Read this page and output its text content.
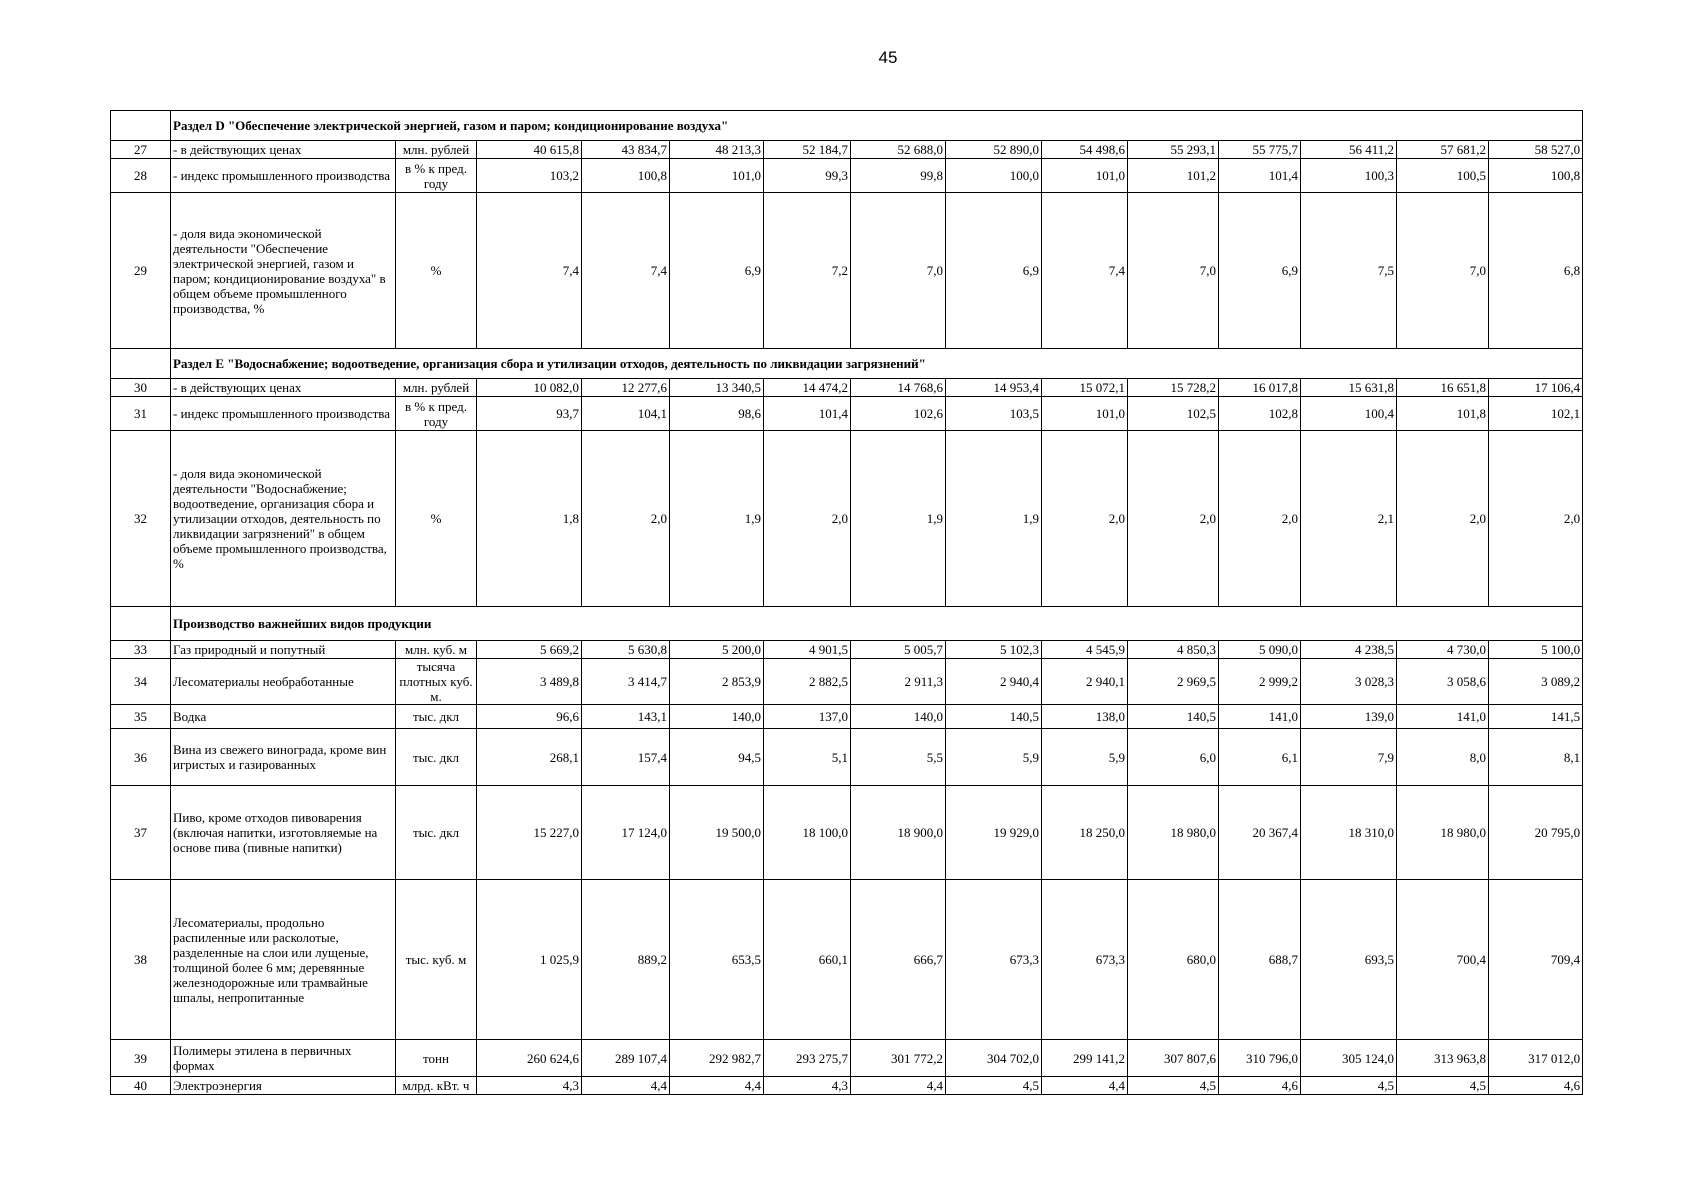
45
	Раздел D "Обеспечение электрической энергией, газом и паром; кондиционирование воздуха"													
27	- в действующих ценах	млн. рублей	40 615,8	43 834,7	48 213,3	52 184,7	52 688,0	52 890,0	54 498,6	55 293,1	55 775,7	56 411,2	57 681,2	58 527,0
28	- индекс промышленного производства	в % к пред. году	103,2	100,8	101,0	99,3	99,8	100,0	101,0	101,2	101,4	100,3	100,5	100,8
29	- доля вида экономической деятельности "Обеспечение электрической энергией, газом и паром; кондиционирование воздуха" в общем объеме промышленного производства, %	%	7,4	7,4	6,9	7,2	7,0	6,9	7,4	7,0	6,9	7,5	7,0	6,8
	Раздел E "Водоснабжение; водоотведение, организация сбора и утилизации отходов, деятельность по ликвидации загрязнений"													
30	- в действующих ценах	млн. рублей	10 082,0	12 277,6	13 340,5	14 474,2	14 768,6	14 953,4	15 072,1	15 728,2	16 017,8	15 631,8	16 651,8	17 106,4
31	- индекс промышленного производства	в % к пред. году	93,7	104,1	98,6	101,4	102,6	103,5	101,0	102,5	102,8	100,4	101,8	102,1
32	- доля вида экономической деятельности "Водоснабжение; водоотведение, организация сбора и утилизации отходов, деятельность по ликвидации загрязнений" в общем объеме промышленного производства, %	%	1,8	2,0	1,9	2,0	1,9	1,9	2,0	2,0	2,0	2,1	2,0	2,0
	Производство важнейших видов продукции													
33	Газ природный и попутный	млн. куб. м	5 669,2	5 630,8	5 200,0	4 901,5	5 005,7	5 102,3	4 545,9	4 850,3	5 090,0	4 238,5	4 730,0	5 100,0
34	Лесоматериалы необработанные	тысяча плотных куб. м.	3 489,8	3 414,7	2 853,9	2 882,5	2 911,3	2 940,4	2 940,1	2 969,5	2 999,2	3 028,3	3 058,6	3 089,2
35	Водка	тыс. дкл	96,6	143,1	140,0	137,0	140,0	140,5	138,0	140,5	141,0	139,0	141,0	141,5
36	Вина из свежего винограда, кроме вин игристых и газированных	тыс. дкл	268,1	157,4	94,5	5,1	5,5	5,9	5,9	6,0	6,1	7,9	8,0	8,1
37	Пиво, кроме отходов пивоварения (включая напитки, изготовляемые на основе пива (пивные напитки)	тыс. дкл	15 227,0	17 124,0	19 500,0	18 100,0	18 900,0	19 929,0	18 250,0	18 980,0	20 367,4	18 310,0	18 980,0	20 795,0
38	Лесоматериалы, продольно распиленные или расколотые, разделенные на слои или лущеные, толщиной более 6 мм; деревянные железнодорожные или трамвайные шпалы, непропитанные	тыс. куб. м	1 025,9	889,2	653,5	660,1	666,7	673,3	673,3	680,0	688,7	693,5	700,4	709,4
39	Полимеры этилена в первичных формах	тонн	260 624,6	289 107,4	292 982,7	293 275,7	301 772,2	304 702,0	299 141,2	307 807,6	310 796,0	305 124,0	313 963,8	317 012,0
40	Электроэнергия	млрд. кВт. ч	4,3	4,4	4,4	4,3	4,4	4,5	4,4	4,5	4,6	4,5	4,5	4,6
